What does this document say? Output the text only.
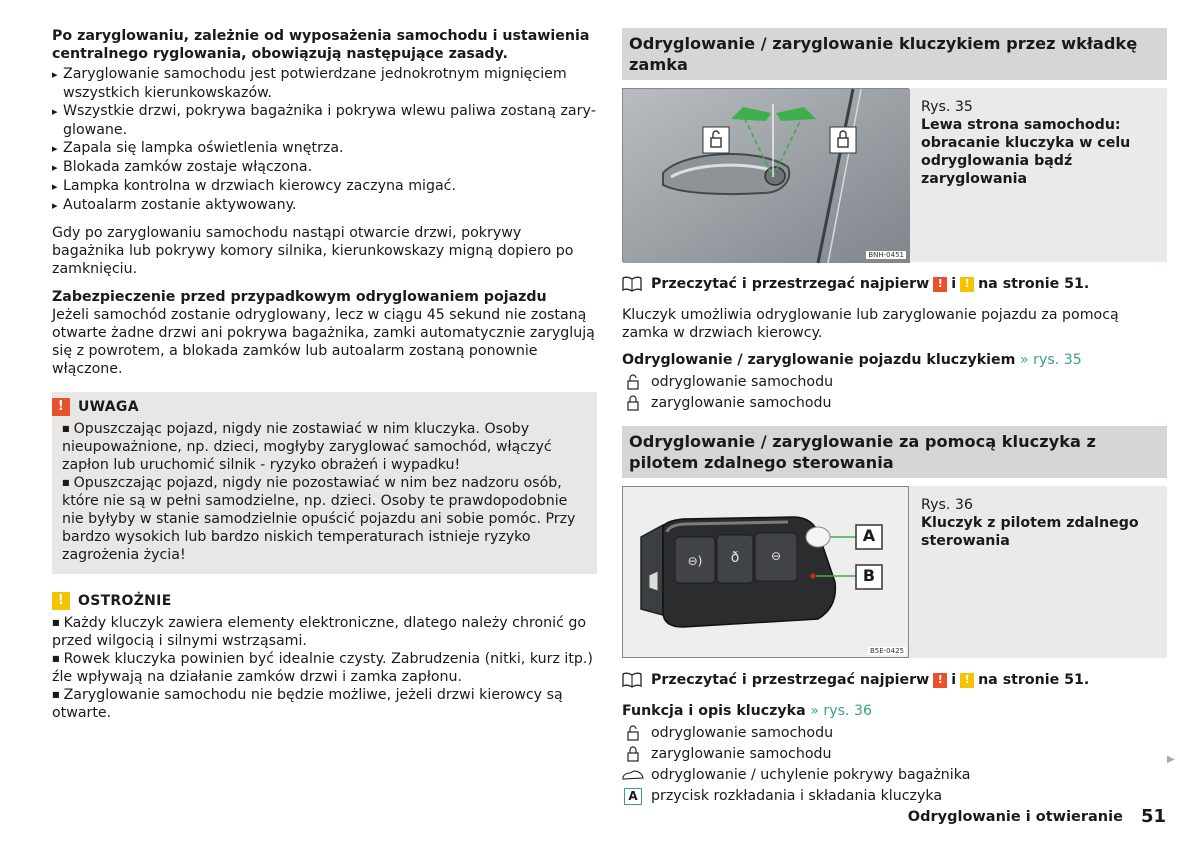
Po zaryglowaniu, zależnie od wyposażenia samochodu i ustawienia centralnego ryglowania, obowiązują następujące zasady.
▸ Zaryglowanie samochodu jest potwierdzane jednokrotnym mignięciem wszystkich kierunkowskazów.
▸ Wszystkie drzwi, pokrywa bagażnika i pokrywa wlewu paliwa zostaną zaryglowane.
▸ Zapala się lampka oświetlenia wnętrza.
▸ Blokada zamków zostaje włączona.
▸ Lampka kontrolna w drzwiach kierowcy zaczyna migać.
▸ Autoalarm zostanie aktywowany.
Gdy po zaryglowaniu samochodu nastąpi otwarcie drzwi, pokrywy bagażnika lub pokrywy komory silnika, kierunkowskazy migną dopiero po zamknięciu.
Zabezpieczenie przed przypadkowym odryglowaniem pojazdu
Jeżeli samochód zostanie odryglowany, lecz w ciągu 45 sekund nie zostaną otwarte żadne drzwi ani pokrywa bagażnika, zamki automatycznie zaryglują się z powrotem, a blokada zamków lub autoalarm zostaną ponownie włączone.
! UWAGA
■ Opuszczając pojazd, nigdy nie zostawiać w nim kluczyka. Osoby nieupoważnione, np. dzieci, mogłyby zaryglować samochód, włączyć zapłon lub uruchomić silnik - ryzyko obrażeń i wypadku!
■ Opuszczając pojazd, nigdy nie pozostawiać w nim bez nadzoru osób, które nie są w pełni samodzielne, np. dzieci. Osoby te prawdopodobnie nie byłyby w stanie samodzielnie opuścić pojazdu ani sobie pomóc. Przy bardzo wysokich lub bardzo niskich temperaturach istnieje ryzyko zagrożenia życia!
! OSTROŻNIE
■ Każdy kluczyk zawiera elementy elektroniczne, dlatego należy chronić go przed wilgocią i silnymi wstrząsami.
■ Rowek kluczyka powinien być idealnie czysty. Zabrudzenia (nitki, kurz itp.) źle wpływają na działanie zamków drzwi i zamka zapłonu.
■ Zaryglowanie samochodu nie będzie możliwe, jeżeli drzwi kierowcy są otwarte.
Odryglowanie / zaryglowanie kluczykiem przez wkładkę zamka
BNH-0451
Rys. 35
Lewa strona samochodu: obracanie kluczyka w celu odryglowania bądź zaryglowania
Przeczytać i przestrzegać najpierw ! i ! na stronie 51.
Kluczyk umożliwia odryglowanie lub zaryglowanie pojazdu za pomocą zamka w drzwiach kierowcy.
Odryglowanie / zaryglowanie pojazdu kluczykiem » rys. 35
odryglowanie samochodu
zaryglowanie samochodu
Odryglowanie / zaryglowanie za pomocą kluczyka z pilotem zdalnego sterowania
⊖) ð	⊖
A
B
B5E-0425
Rys. 36
Kluczyk z pilotem zdalnego sterowania
Przeczytać i przestrzegać najpierw ! i ! na stronie 51.
Funkcja i opis kluczyka » rys. 36
odryglowanie samochodu
zaryglowanie samochodu
odryglowanie / uchylenie pokrywy bagażnika
A przycisk rozkładania i składania kluczyka
▶
Odryglowanie i otwieranie 51
